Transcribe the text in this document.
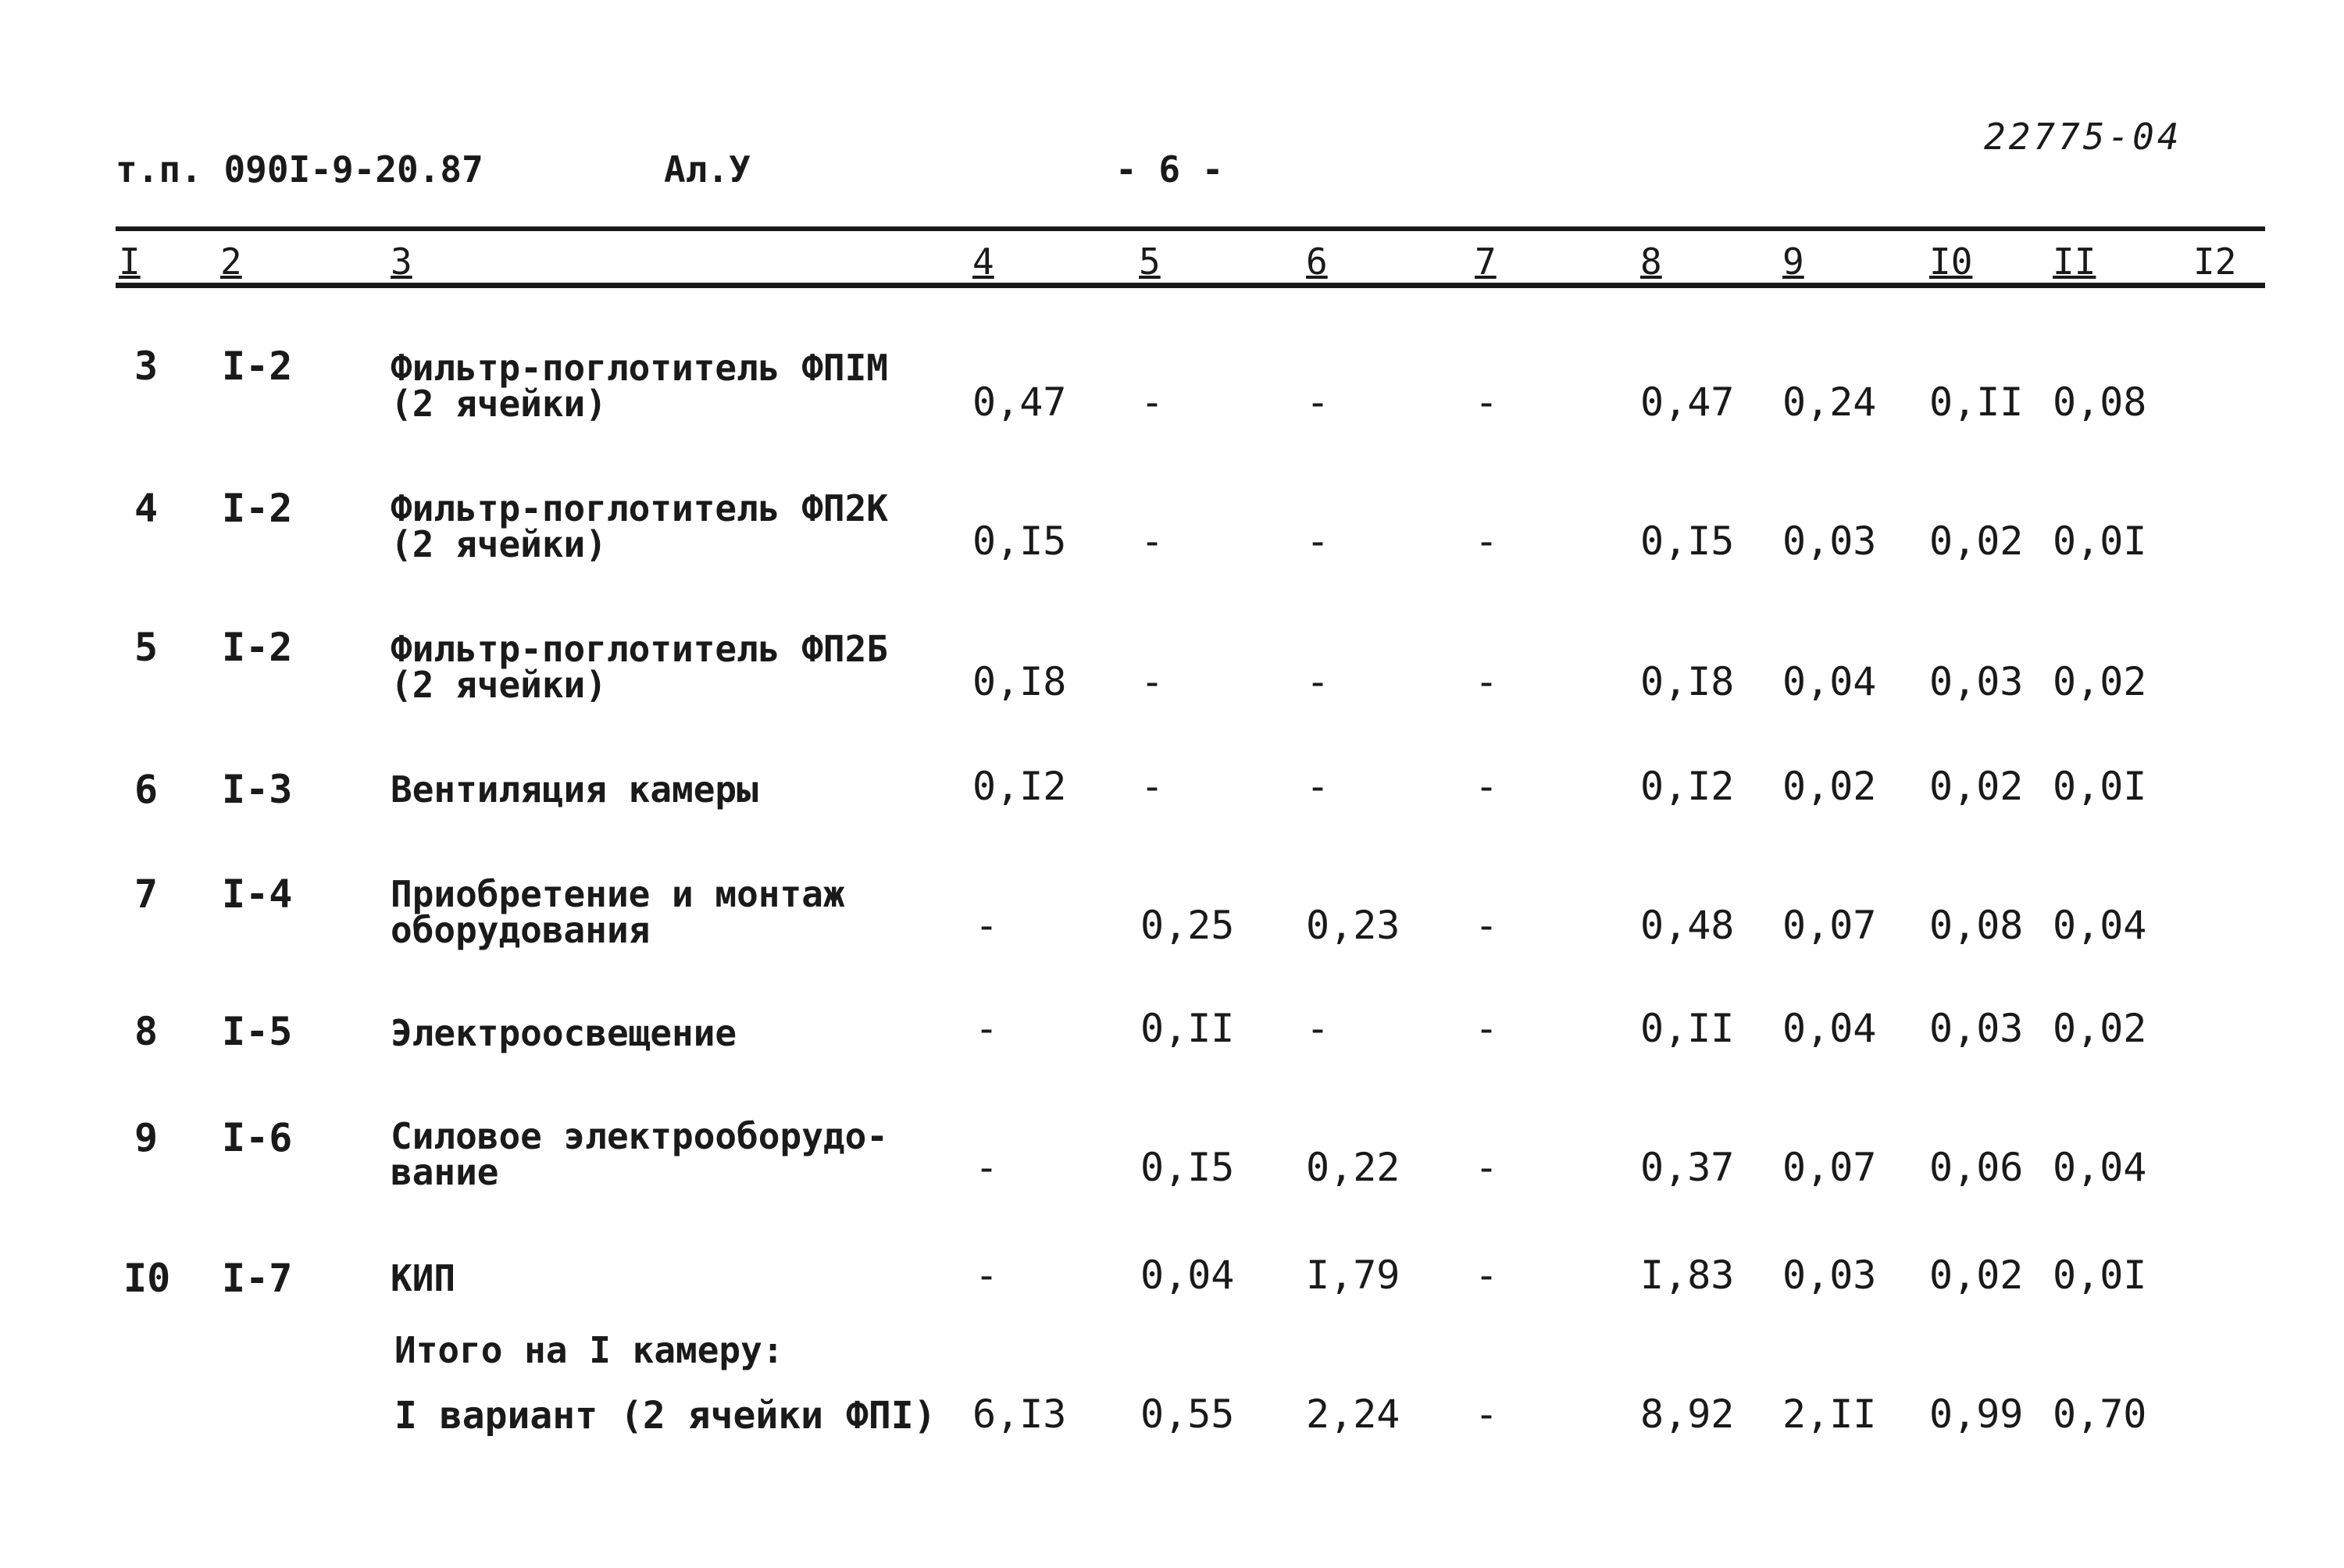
т.п. 090I-9-20.87	Ал.У	- 6 -
22775-04
I 2	3	4	5	6	7	8	9	I0 II	I2
3 I-2	Фильтр-поглотитель ФПIМ
(2 ячейки)	0,47 -	-	-	0,47 0,24 0,II 0,08
4 I-2	Фильтр-поглотитель ФП2К
(2 ячейки)	0,I5 -	-	-	0,I5 0,03 0,02 0,0I
5 I-2	Фильтр-поглотитель ФП2Б
(2 ячейки)	0,I8 -	-	-	0,I8 0,04 0,03 0,02
6 I-3	Вентиляция камеры	0,I2 -	-	-	0,I2 0,02 0,02 0,0I
7 I-4	Приобретение и монтаж
оборудования	-	0,25 0,23 -	0,48 0,07 0,08 0,04
8 I-5	Электроосвещение	-	0,II -	-	0,II 0,04 0,03 0,02
9 I-6	Силовое электрооборудо-
вание	-	0,I5 0,22 -	0,37 0,07 0,06 0,04
I0 I-7	КИП	-	0,04 I,79 -	I,83 0,03 0,02 0,0I
Итого на I камеру:
I вариант (2 ячейки ФПI) 6,I3 0,55 2,24 -	8,92 2,II 0,99 0,70
